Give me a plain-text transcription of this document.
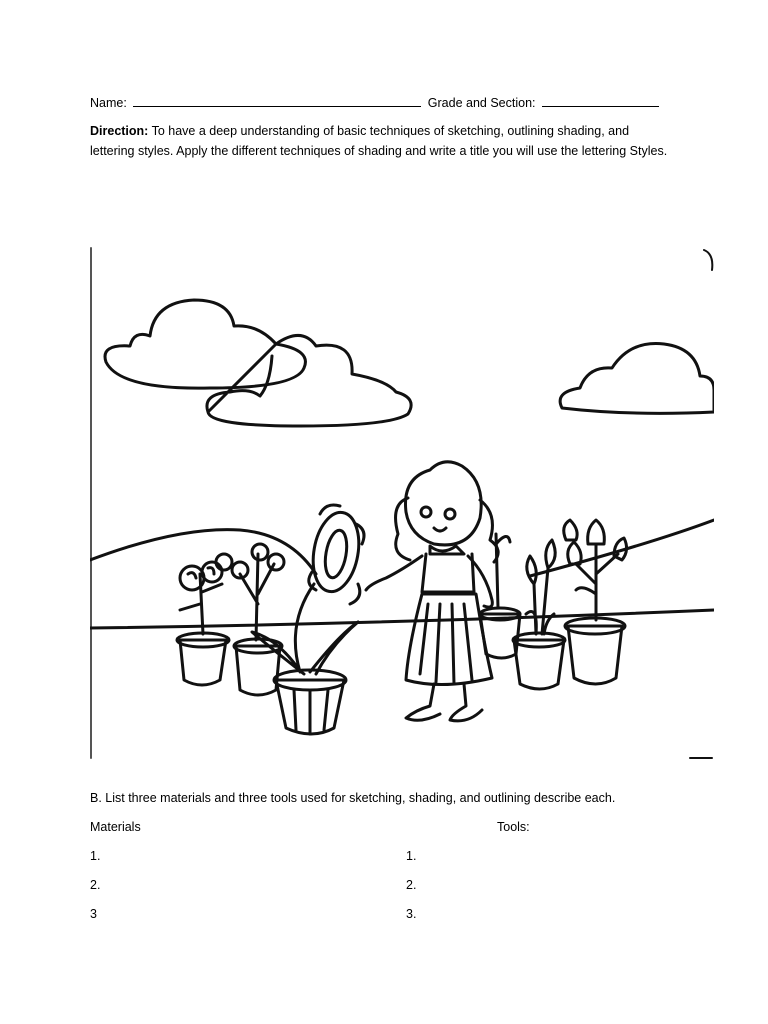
Name:	Grade and Section:
Direction: To have a deep understanding of basic techniques of sketching, outlining shading, and lettering styles. Apply the different techniques of shading and write a title you will use the lettering Styles.
B. List three materials and three tools used for sketching, shading, and outlining describe each.
Materials	Tools:
1.
2.
3
1.
2.
3.
